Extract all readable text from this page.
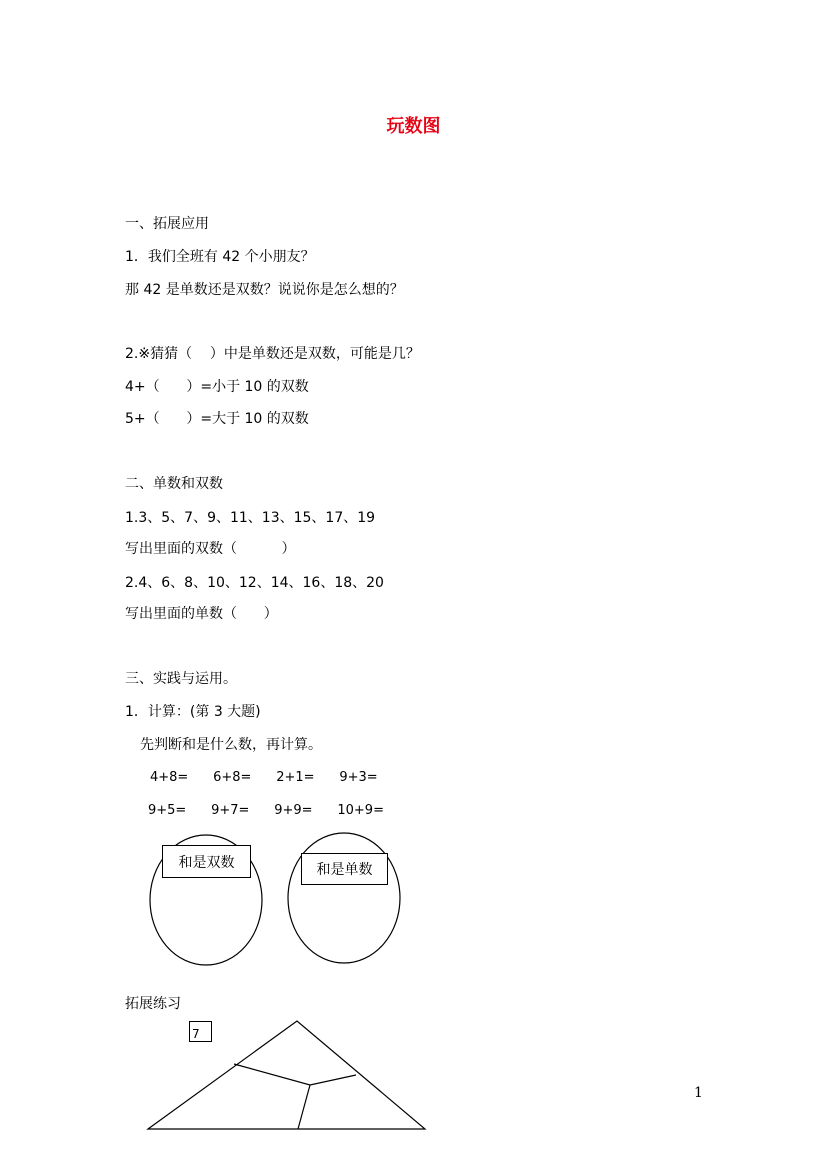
玩数图
一、拓展应用
1．我们全班有 42 个小朋友？
那 42 是单数还是双数？说说你是怎么想的？
2.※猜猜（    ）中是单数还是双数，可能是几？
4+（      ）=小于 10 的双数
5+（      ）=大于 10 的双数
二、单数和双数
1.3、5、7、9、11、13、15、17、19
写出里面的双数（          ）
2.4、6、8、10、12、14、16、18、20
写出里面的单数（      ）
三、实践与运用。
1．计算：(第 3 大题)
先判断和是什么数，再计算。
4+8=      6+8=      2+1=      9+3=
9+5=      9+7=      9+9=      10+9=
和是双数	和是单数
拓展练习
7
1
